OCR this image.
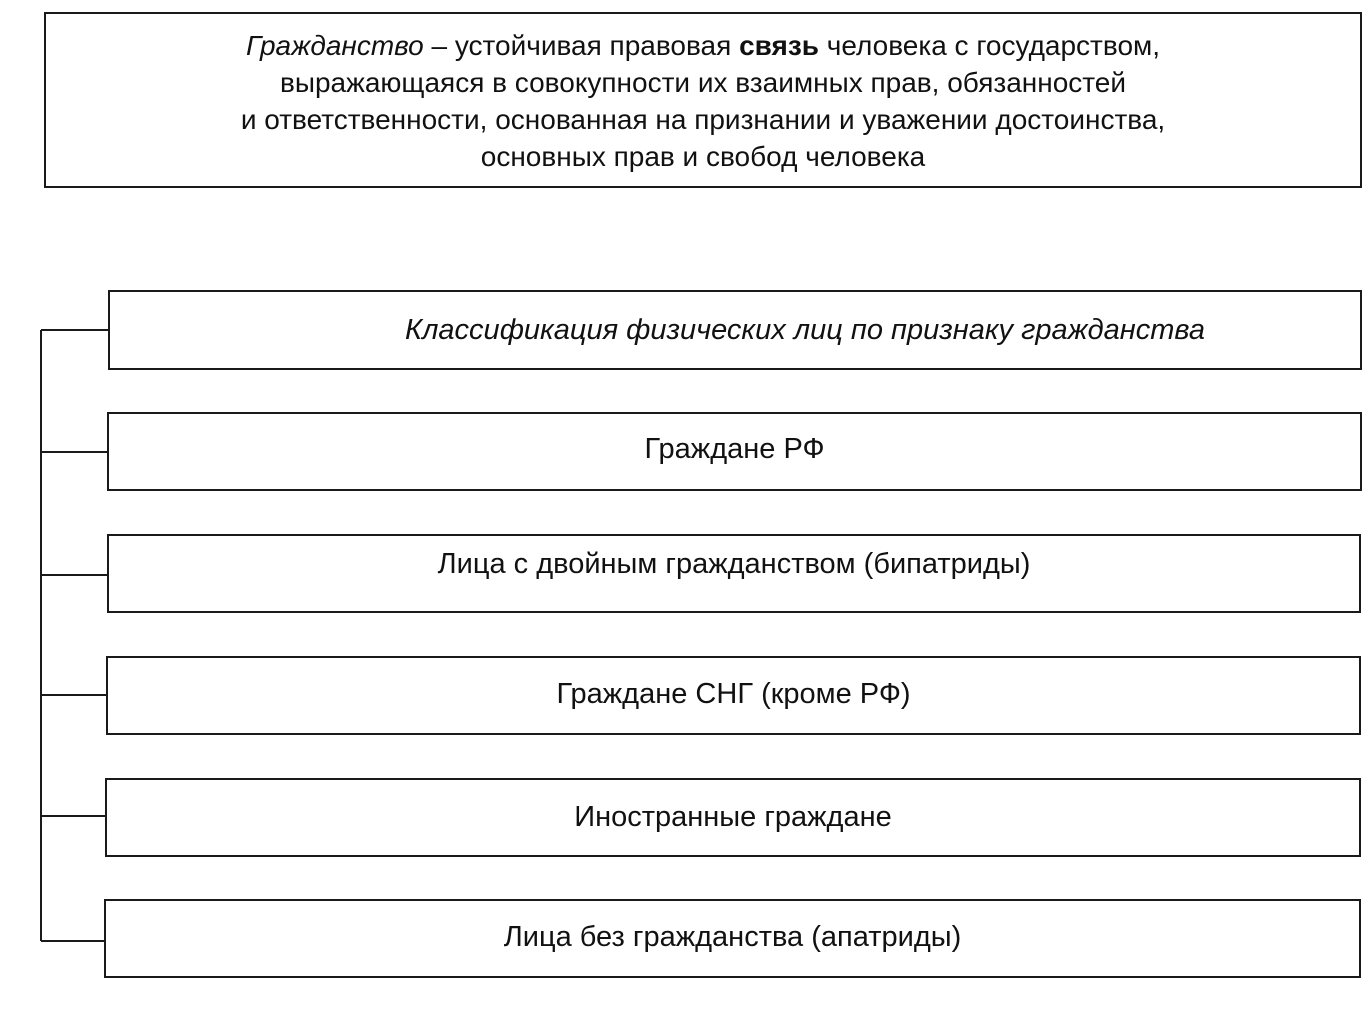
Гражданство – устойчивая правовая связь человека с государством,
выражающаяся в совокупности их взаимных прав, обязанностей
и ответственности, основанная на признании и уважении достоинства,
основных прав и свобод человека
Классификация физических лиц по признаку гражданства
Граждане РФ
Лица с двойным гражданством (бипатриды)
Граждане СНГ (кроме РФ)
Иностранные граждане
Лица без гражданства (апатриды)
